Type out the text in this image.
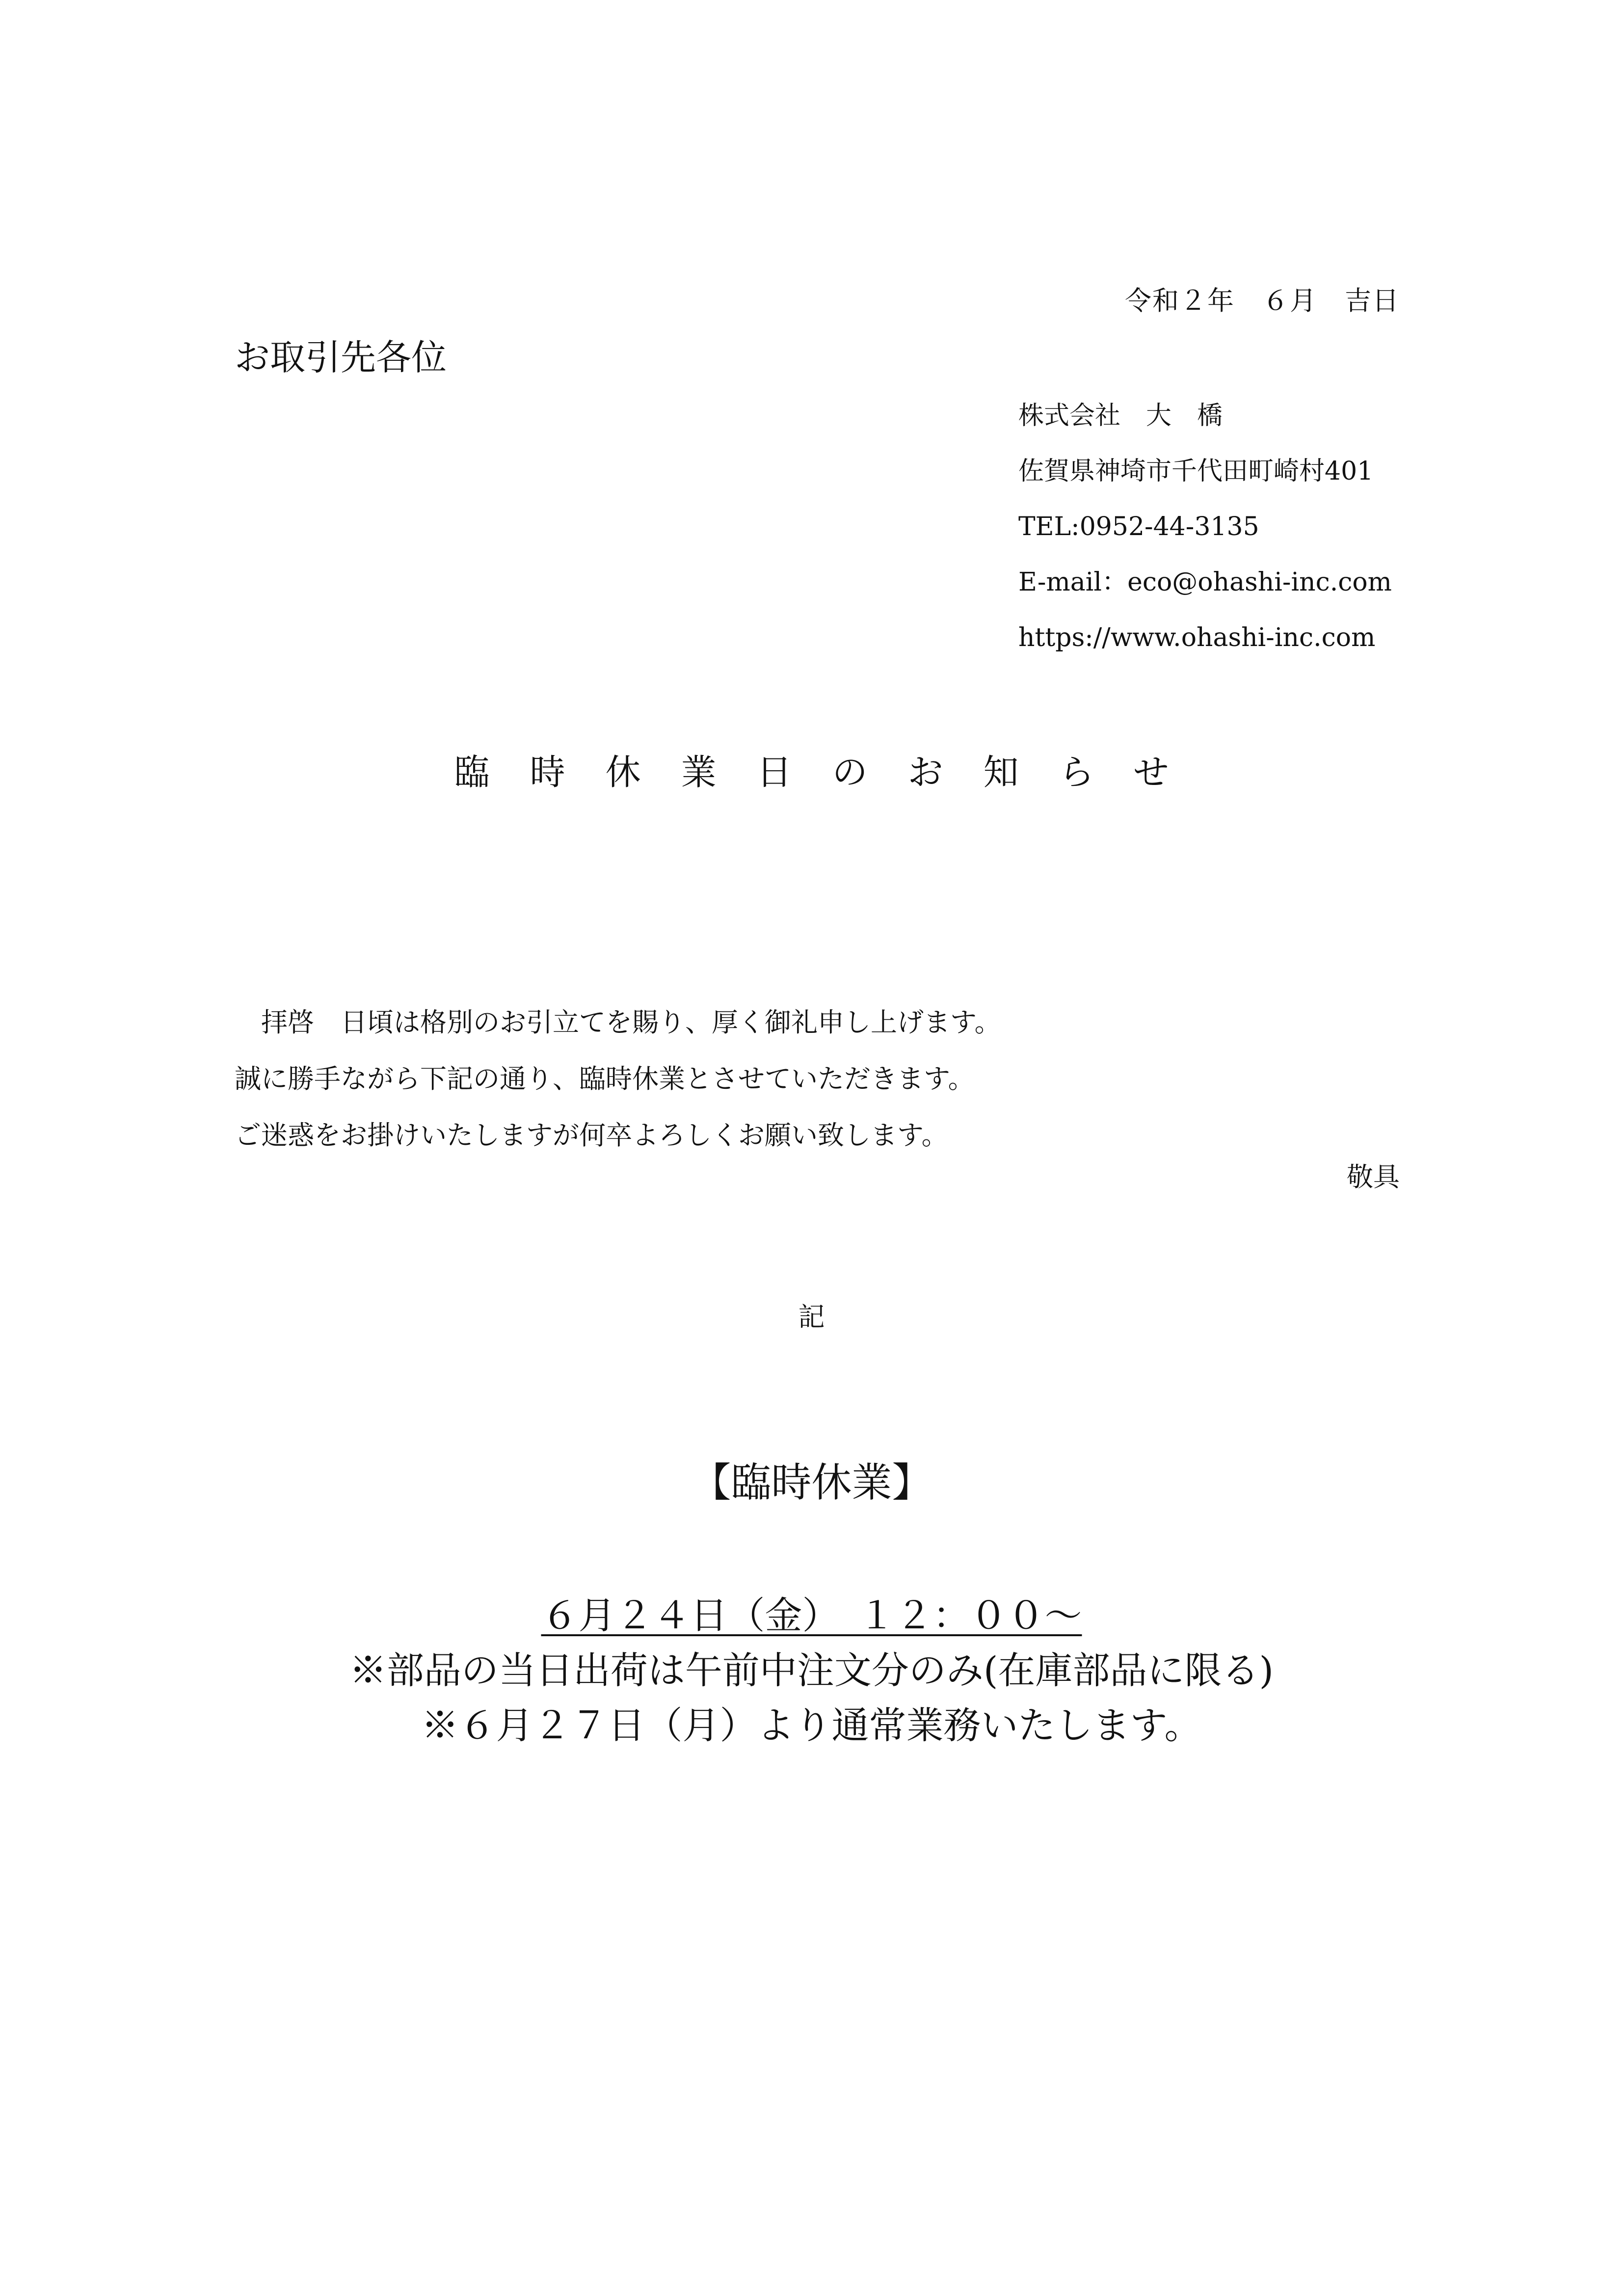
令和２年　６月　吉日
お取引先各位
株式会社　大　橋
佐賀県神埼市千代田町崎村401
TEL:0952-44-3135
E-mail：eco@ohashi-inc.com
https://www.ohashi-inc.com
臨時休業日のお知らせ
　拝啓　日頃は格別のお引立てを賜り、厚く御礼申し上げます。
誠に勝手ながら下記の通り、臨時休業とさせていただきます。
ご迷惑をお掛けいたしますが何卒よろしくお願い致します。
敬具
記
【臨時休業】
６月２４日（金）　１２：００～
※部品の当日出荷は午前中注文分のみ(在庫部品に限る)
※６月２７日（月）より通常業務いたします。
